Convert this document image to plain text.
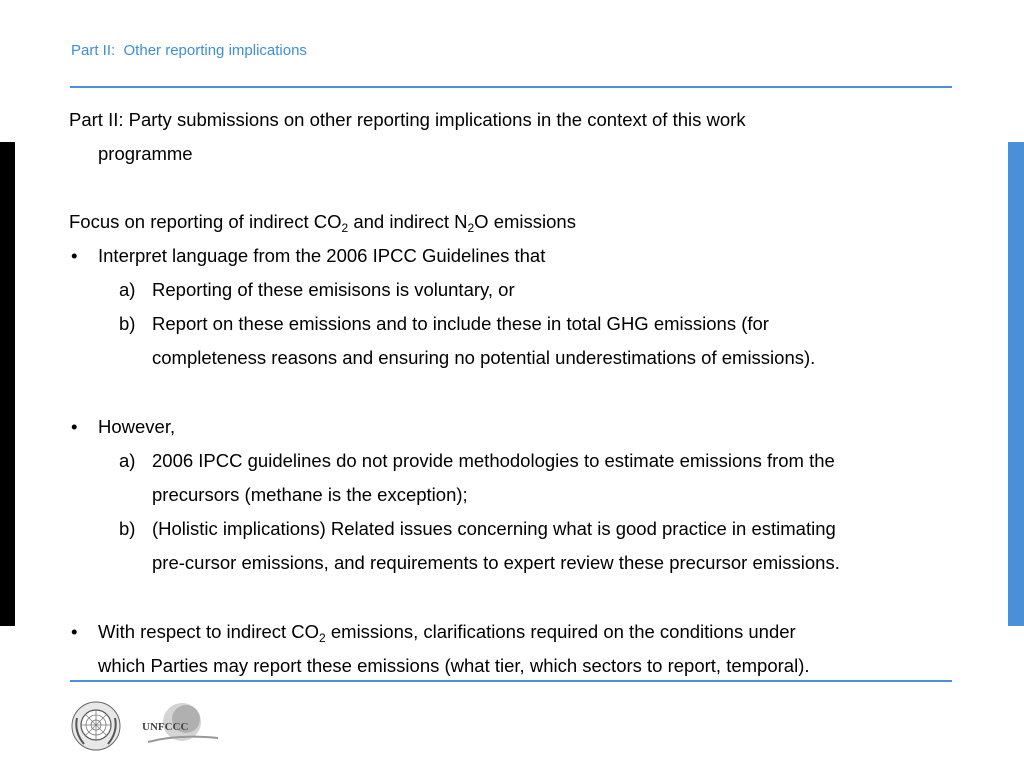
Part II:  Other reporting implications
Part II: Party submissions on other reporting implications in the context of this work
programme
Focus on reporting of indirect $CO_2$ and indirect $N_2O$ emissions
• Interpret language from the 2006 IPCC Guidelines that
a) Reporting of these emisisons is voluntary, or
b) Report on these emissions and to include these in total GHG emissions (for
completeness reasons and ensuring no potential underestimations of emissions).
• However,
a) 2006 IPCC guidelines do not provide methodologies to estimate emissions from the
precursors (methane is the exception);
b) (Holistic implications) Related issues concerning what is good practice in estimating
pre-cursor emissions, and requirements to expert review these precursor emissions.
• With respect to indirect $CO_2$ emissions, clarifications required on the conditions under
which Parties may report these emissions (what tier, which sectors to report, temporal).
UNFCCC
